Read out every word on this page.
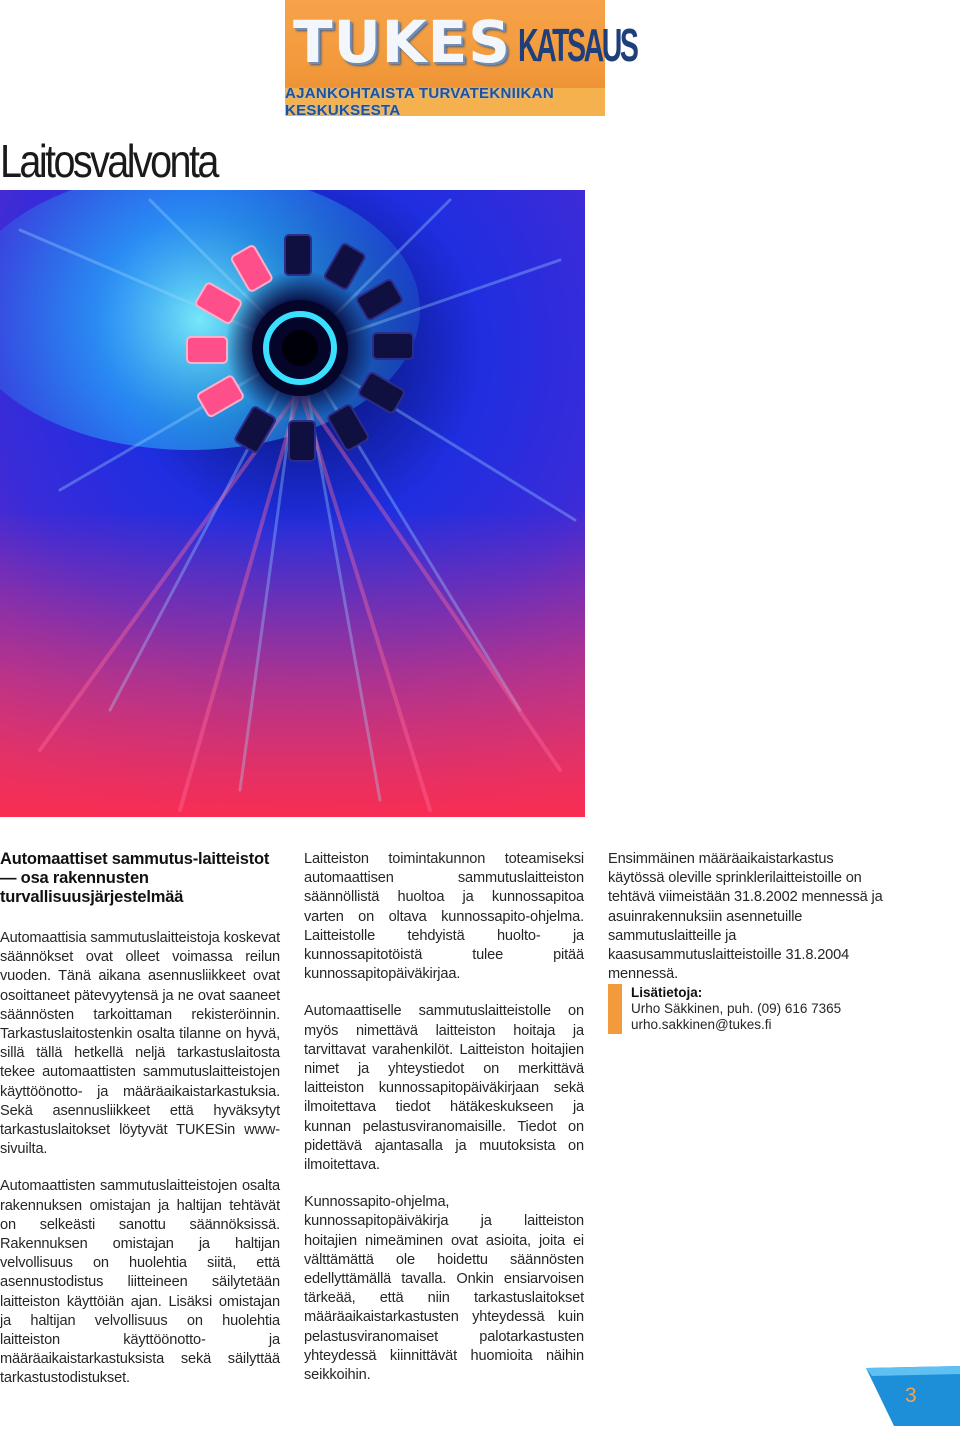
TUKES KATSAUS
AJANKOHTAISTA TURVATEKNIIKAN KESKUKSESTA
Laitosvalvonta
Automaattiset sammutus-laitteistot — osa rakennusten turvallisuusjärjestelmää

Automaattisia sammutuslaitteistoja koskevat säännökset ovat olleet voimassa reilun vuoden. Tänä aikana asennusliikkeet ovat osoittaneet pätevyytensä ja ne ovat saaneet säännösten tarkoittaman rekisteröinnin. Tarkastuslaitostenkin osalta tilanne on hyvä, sillä tällä hetkellä neljä tarkastuslaitosta tekee automaattisten sammutuslaitteistojen käyttöönotto- ja määräaikaistarkastuksia. Sekä asennusliikkeet että hyväksytyt tarkastuslaitokset löytyvät TUKESin www-sivuilta.

Automaattisten sammutuslaitteistojen osalta rakennuksen omistajan ja haltijan tehtävät on selkeästi sanottu säännöksissä. Rakennuksen omistajan ja haltijan velvollisuus on huolehtia siitä, että asennustodistus liitteineen säilytetään laitteiston käyttöiän ajan. Lisäksi omistajan ja haltijan velvollisuus on huolehtia laitteiston käyttöönotto- ja määräaikaistarkastuksista sekä säilyttää tarkastustodistukset.

Laitteiston toimintakunnon toteamiseksi automaattisen sammutuslaitteiston säännöllistä huoltoa ja kunnossapitoa varten on oltava kunnossapito-ohjelma. Laitteistolle tehdyistä huolto- ja kunnossapitotöistä tulee pitää kunnossapitopäiväkirjaa.

Automaattiselle sammutuslaitteistolle on myös nimettävä laitteiston hoitaja ja tarvittavat varahenkilöt. Laitteiston hoitajien nimet ja yhteystiedot on merkittävä laitteiston kunnossapitopäiväkirjaan sekä ilmoitettava tiedot hätäkeskukseen ja kunnan pelastusviranomaisille. Tiedot on pidettävä ajantasalla ja muutoksista on ilmoitettava.

Kunnossapito-ohjelma, kunnossapitopäiväkirja ja laitteiston hoitajien nimeäminen ovat asioita, joita ei välttämättä ole hoidettu säännösten edellyttämällä tavalla. Onkin ensiarvoisen tärkeää, että niin tarkastuslaitokset määräaikaistarkastusten yhteydessä kuin pelastusviranomaiset palotarkastusten yhteydessä kiinnittävät huomioita näihin seikkoihin.

Ensimmäinen määräaikaistarkastus käytössä oleville sprinklerilaitteistoille on tehtävä viimeistään 31.8.2002 mennessä ja asuinrakennuksiin asennetuille sammutuslaitteille ja kaasusammutuslaitteistoille 31.8.2004 mennessä.

Lisätietoja:
Urho Säkkinen, puh. (09) 616 7365
urho.sakkinen@tukes.fi
3
